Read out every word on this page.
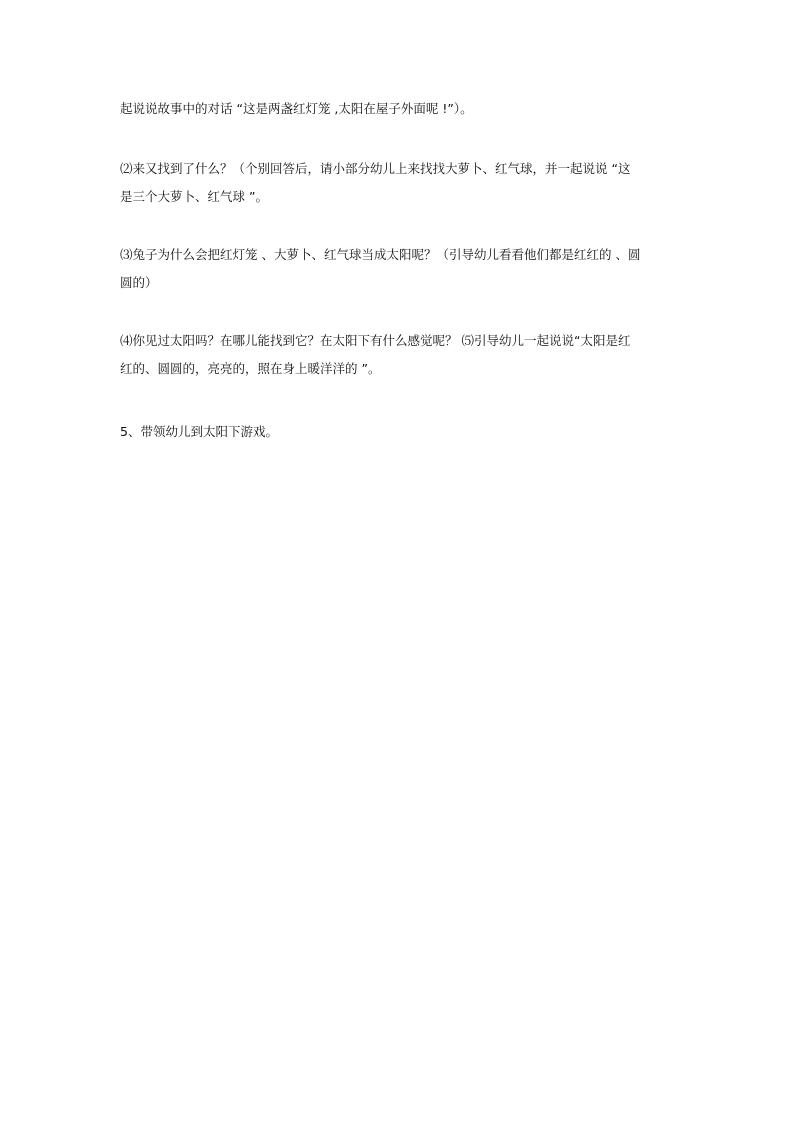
起说说故事中的对话 “这是两盏红灯笼 ,太阳在屋子外面呢 !”）。
⑵来又找到了什么？（个别回答后，请小部分幼儿上来找找大萝卜、红气球，并一起说说 “这
是三个大萝卜、红气球 ”。
⑶兔子为什么会把红灯笼 、大萝卜、红气球当成太阳呢？（引导幼儿看看他们都是红红的 、圆
圆的）
⑷你见过太阳吗？在哪儿能找到它？在太阳下有什么感觉呢？ ⑸引导幼儿一起说说“太阳是红
红的、圆圆的，亮亮的，照在身上暖洋洋的 ”。
5、带领幼儿到太阳下游戏。
